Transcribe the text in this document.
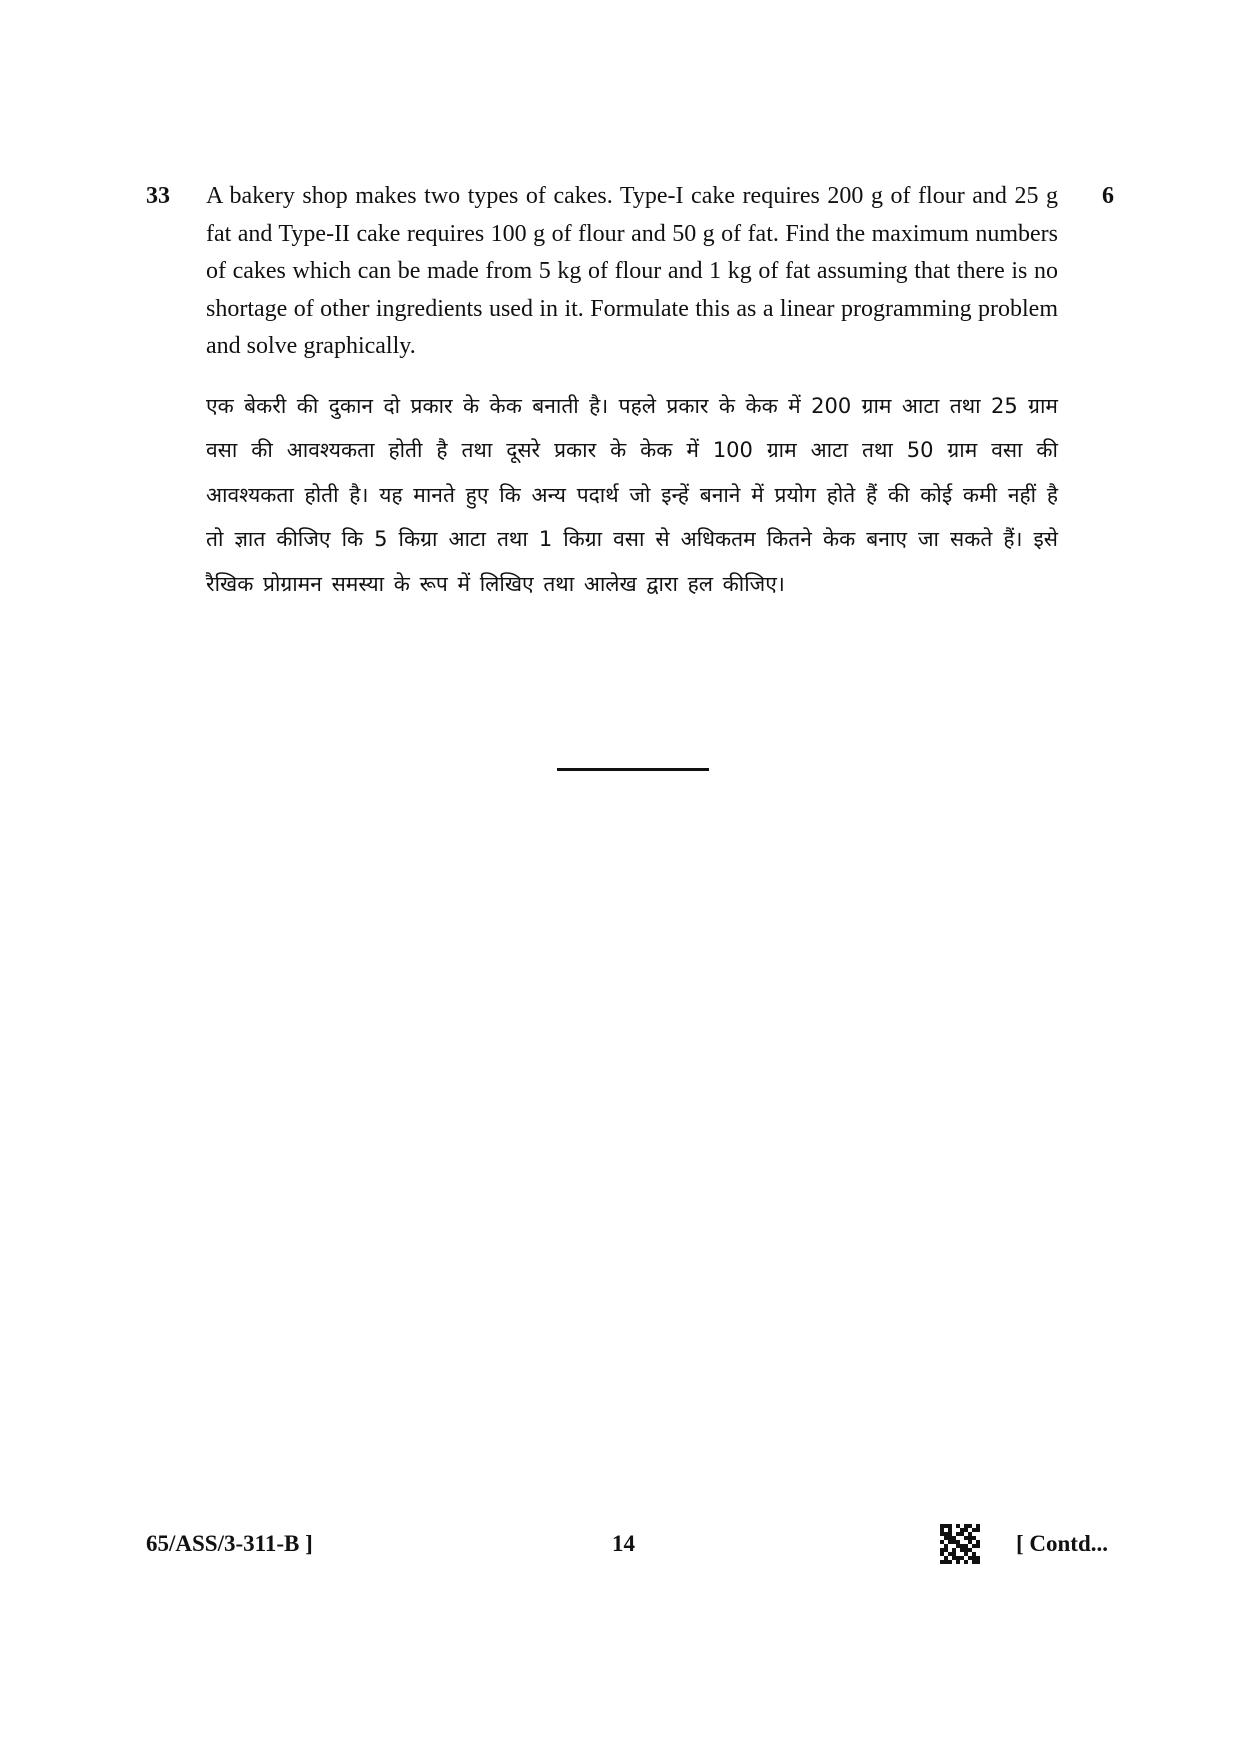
33 A bakery shop makes two types of cakes. Type-I cake requires 200 g of flour and 25 g fat and Type-II cake requires 100 g of flour and 50 g of fat. Find the maximum numbers of cakes which can be made from 5 kg of flour and 1 kg of fat assuming that there is no shortage of other ingredients used in it. Formulate this as a linear programming problem and solve graphically.

6

एक बेकरी की दुकान दो प्रकार के केक बनाती है। पहले प्रकार के केक में 200 ग्राम आटा तथा 25 ग्राम वसा की आवश्यकता होती है तथा दूसरे प्रकार के केक में 100 ग्राम आटा तथा 50 ग्राम वसा की आवश्यकता होती है। यह मानते हुए कि अन्य पदार्थ जो इन्हें बनाने में प्रयोग होते हैं की कोई कमी नहीं है तो ज्ञात कीजिए कि 5 किग्रा आटा तथा 1 किग्रा वसा से अधिकतम कितने केक बनाए जा सकते हैं। इसे रैखिक प्रोग्रामन समस्या के रूप में लिखिए तथा आलेख द्वारा हल कीजिए।

65/ASS/3-311-B ]	14	[ Contd...
